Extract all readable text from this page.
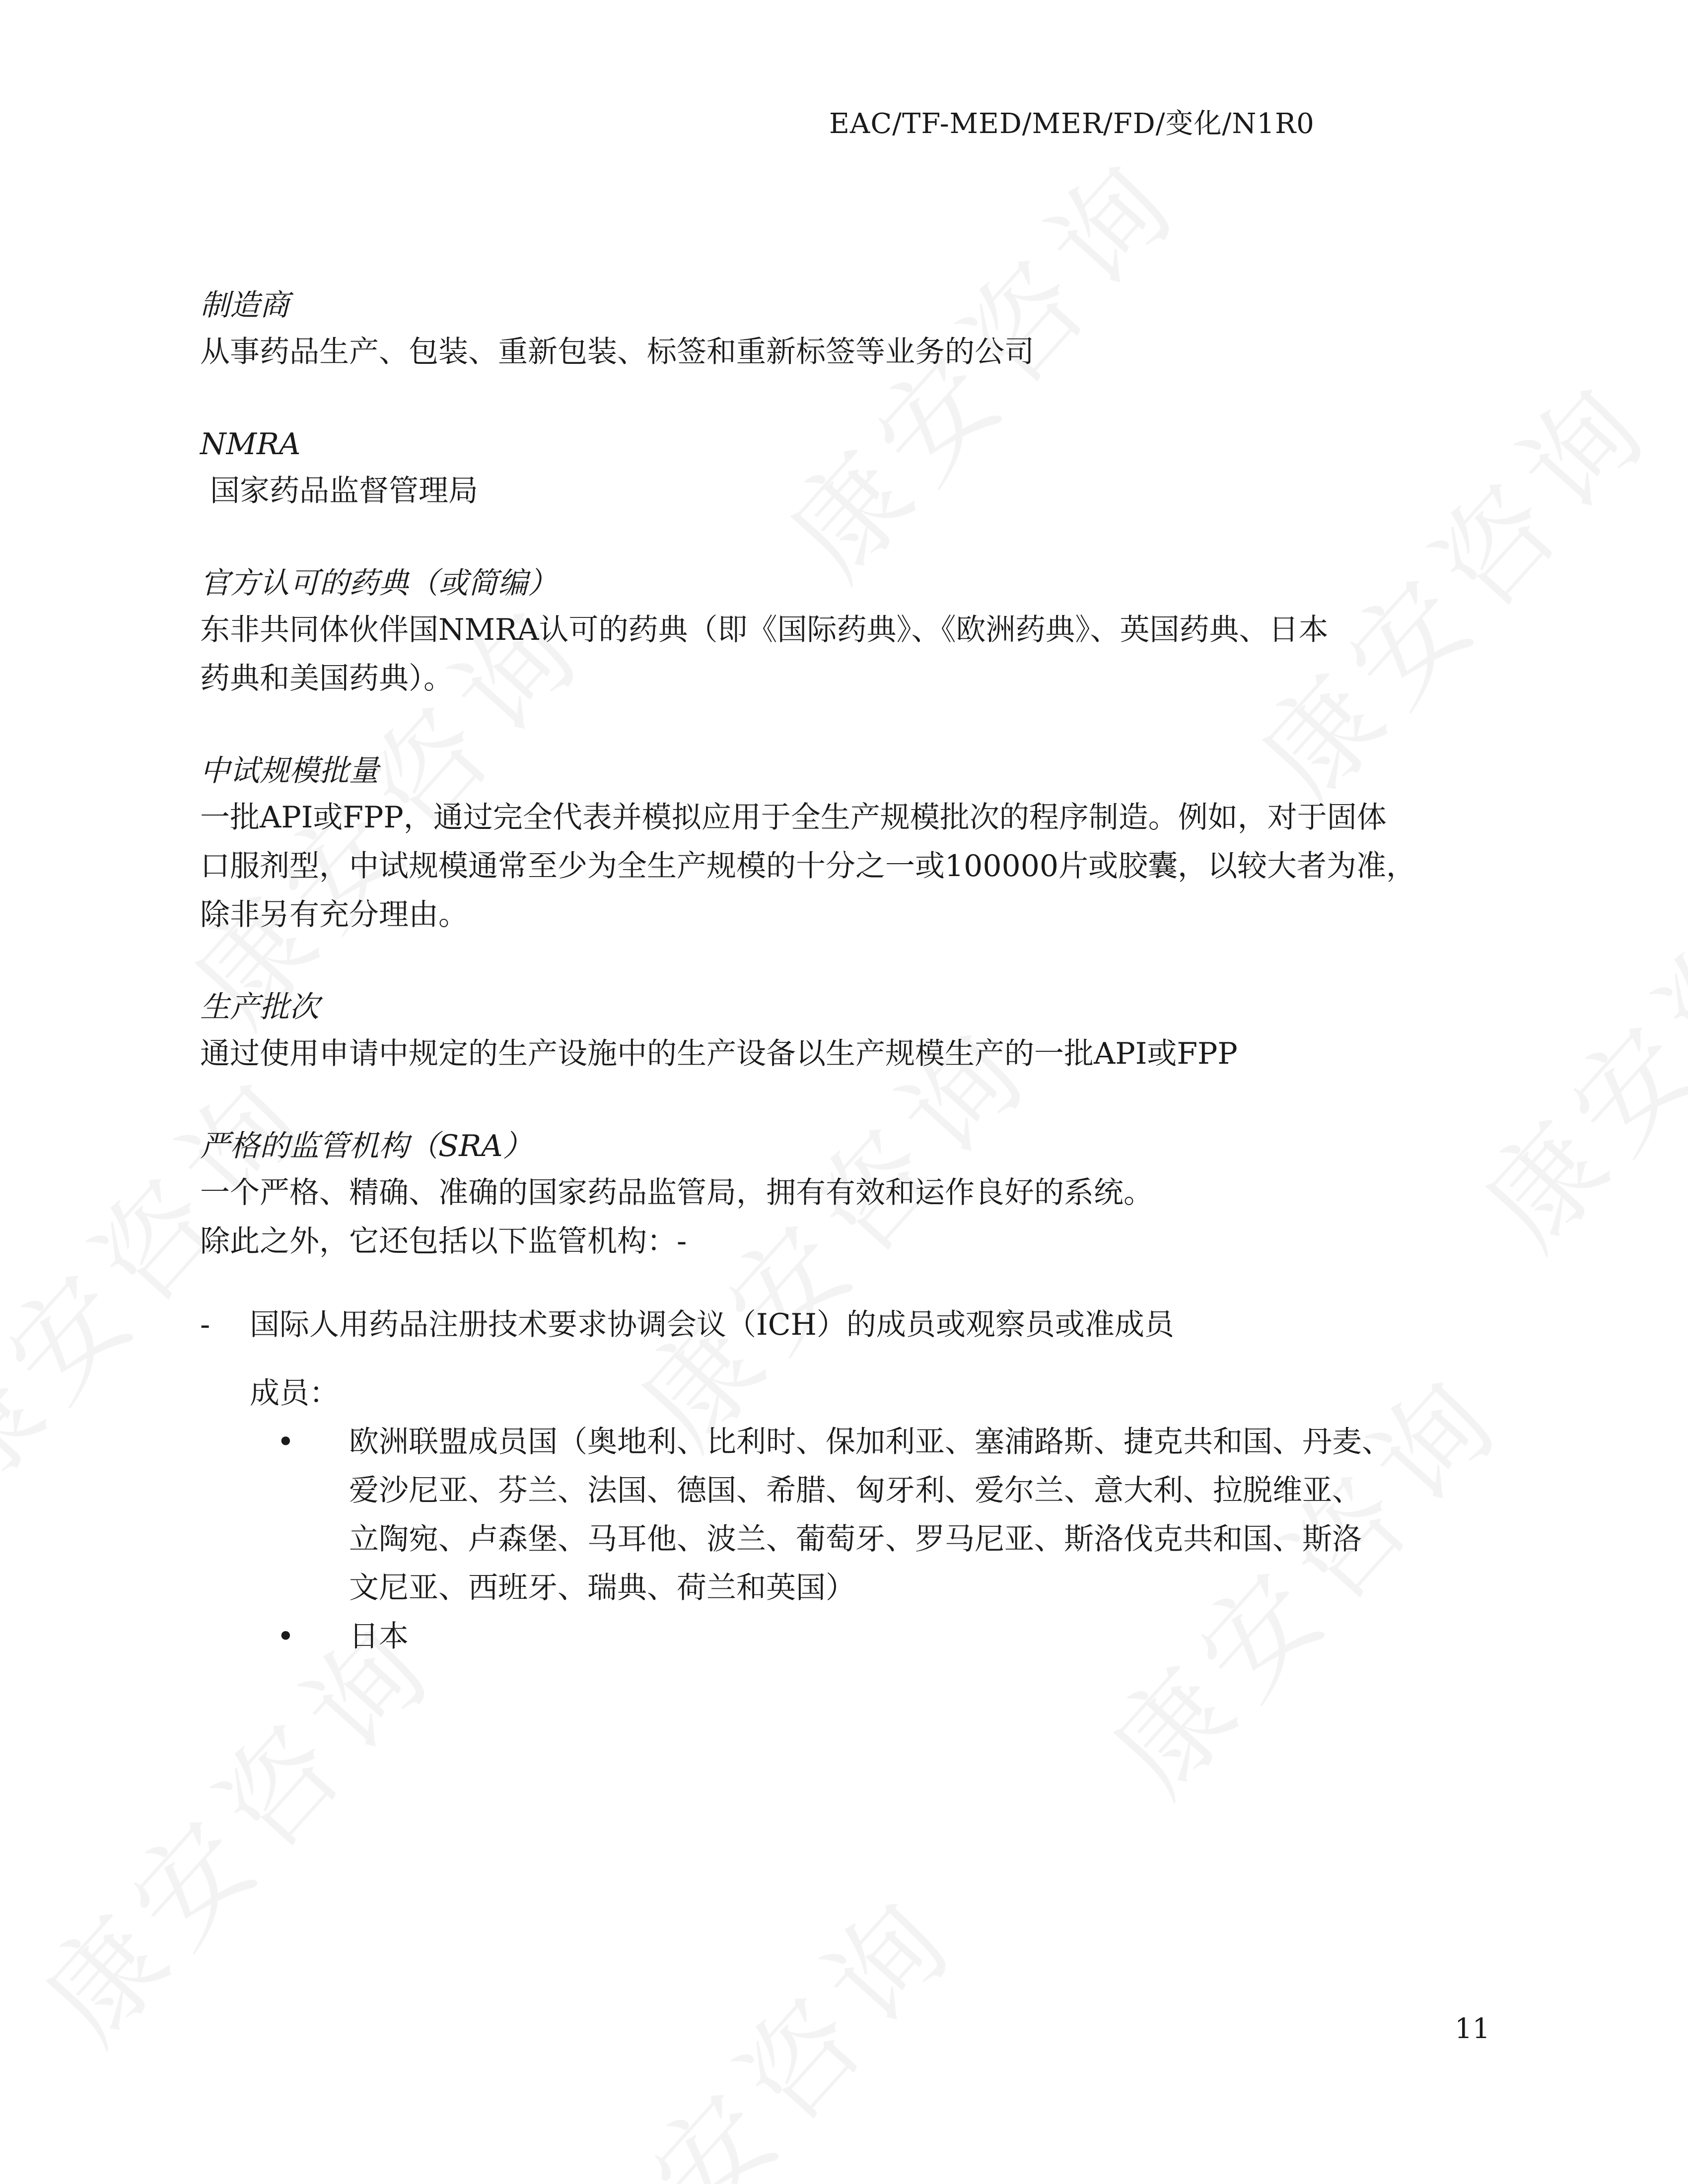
EAC/TF-MED/MER/FD/变化/N1R0

制造商

从事药品生产、包装、重新包装、标签和重新标签等业务的公司

NMRA

国家药品监督管理局

官方认可的药典（或简编）

东非共同体伙伴国NMRA认可的药典（即《国际药典》、《欧洲药典》、英国药典、日本

药典和美国药典）。

中试规模批量

一批API或FPP，通过完全代表并模拟应用于全生产规模批次的程序制造。例如，对于固体

口服剂型，中试规模通常至少为全生产规模的十分之一或100000片或胶囊，以较大者为准，

除非另有充分理由。

生产批次

通过使用申请中规定的生产设施中的生产设备以生产规模生产的一批API或FPP

严格的监管机构（SRA）

一个严格、精确、准确的国家药品监管局，拥有有效和运作良好的系统。

除此之外，它还包括以下监管机构：-

-	国际人用药品注册技术要求协调会议（ICH）的成员或观察员或准成员
成员：
•	欧洲联盟成员国（奥地利、比利时、保加利亚、塞浦路斯、捷克共和国、丹麦、
爱沙尼亚、芬兰、法国、德国、希腊、匈牙利、爱尔兰、意大利、拉脱维亚、
立陶宛、卢森堡、马耳他、波兰、葡萄牙、罗马尼亚、斯洛伐克共和国、斯洛
文尼亚、西班牙、瑞典、荷兰和英国）
•	日本
11
